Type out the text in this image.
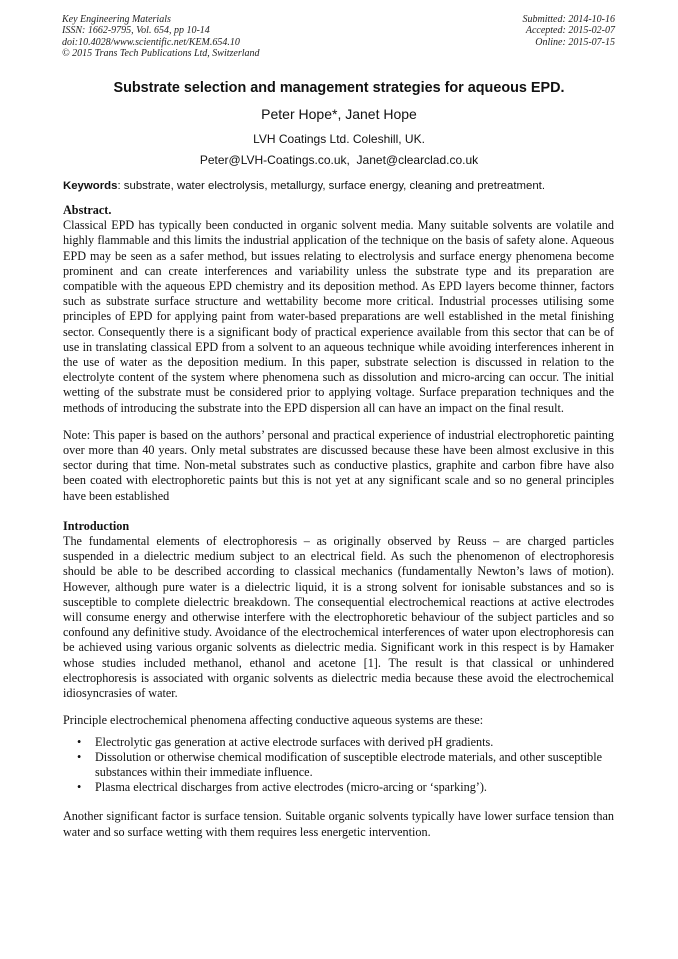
Key Engineering Materials
ISSN: 1662-9795, Vol. 654, pp 10-14
doi:10.4028/www.scientific.net/KEM.654.10
© 2015 Trans Tech Publications Ltd, Switzerland
Submitted: 2014-10-16
Accepted: 2015-02-07
Online: 2015-07-15
Substrate selection and management strategies for aqueous EPD.
Peter Hope*, Janet Hope
LVH Coatings Ltd. Coleshill, UK.
Peter@LVH-Coatings.co.uk,  Janet@clearclad.co.uk
Keywords: substrate, water electrolysis, metallurgy, surface energy, cleaning and pretreatment.

Abstract.

Classical EPD has typically been conducted in organic solvent media. Many suitable solvents are volatile and highly flammable and this limits the industrial application of the technique on the basis of safety alone. Aqueous EPD may be seen as a safer method, but issues relating to electrolysis and surface energy phenomena become prominent and can create interferences and variability unless the substrate type and its preparation are compatible with the aqueous EPD chemistry and its deposition method. As EPD layers become thinner, factors such as substrate surface structure and wettability become more critical. Industrial processes utilising some principles of EPD for applying paint from water-based preparations are well established in the metal finishing sector. Consequently there is a significant body of practical experience available from this sector that can be of use in translating classical EPD from a solvent to an aqueous technique while avoiding interferences inherent in the use of water as the deposition medium. In this paper, substrate selection is discussed in relation to the electrolyte content of the system where phenomena such as dissolution and micro-arcing can occur. The initial wetting of the substrate must be considered prior to applying voltage. Surface preparation techniques and the methods of introducing the substrate into the EPD dispersion all can have an impact on the final result.

Note: This paper is based on the authors’ personal and practical experience of industrial electrophoretic painting over more than 40 years. Only metal substrates are discussed because these have been almost exclusive in this sector during that time. Non-metal substrates such as conductive plastics, graphite and carbon fibre have also been coated with electrophoretic paints but this is not yet at any significant scale and so no general principles have been established

Introduction

The fundamental elements of electrophoresis – as originally observed by Reuss – are charged particles suspended in a dielectric medium subject to an electrical field. As such the phenomenon of electrophoresis should be able to be described according to classical mechanics (fundamentally Newton’s laws of motion). However, although pure water is a dielectric liquid, it is a strong solvent for ionisable substances and so is susceptible to complete dielectric breakdown. The consequential electrochemical reactions at active electrodes will consume energy and otherwise interfere with the electrophoretic behaviour of the subject particles and so confound any definitive study. Avoidance of the electrochemical interferences of water upon electrophoresis can be achieved using various organic solvents as dielectric media. Significant work in this respect is by Hamaker whose studies included methanol, ethanol and acetone [1]. The result is that classical or unhindered electrophoresis is associated with organic solvents as dielectric media because these avoid the electrochemical idiosyncrasies of water.

Principle electrochemical phenomena affecting conductive aqueous systems are these:

• Electrolytic gas generation at active electrode surfaces with derived pH gradients.
• Dissolution or otherwise chemical modification of susceptible electrode materials, and other susceptible substances within their immediate influence.
• Plasma electrical discharges from active electrodes (micro-arcing or ‘sparking’).

Another significant factor is surface tension. Suitable organic solvents typically have lower surface tension than water and so surface wetting with them requires less energetic intervention.
